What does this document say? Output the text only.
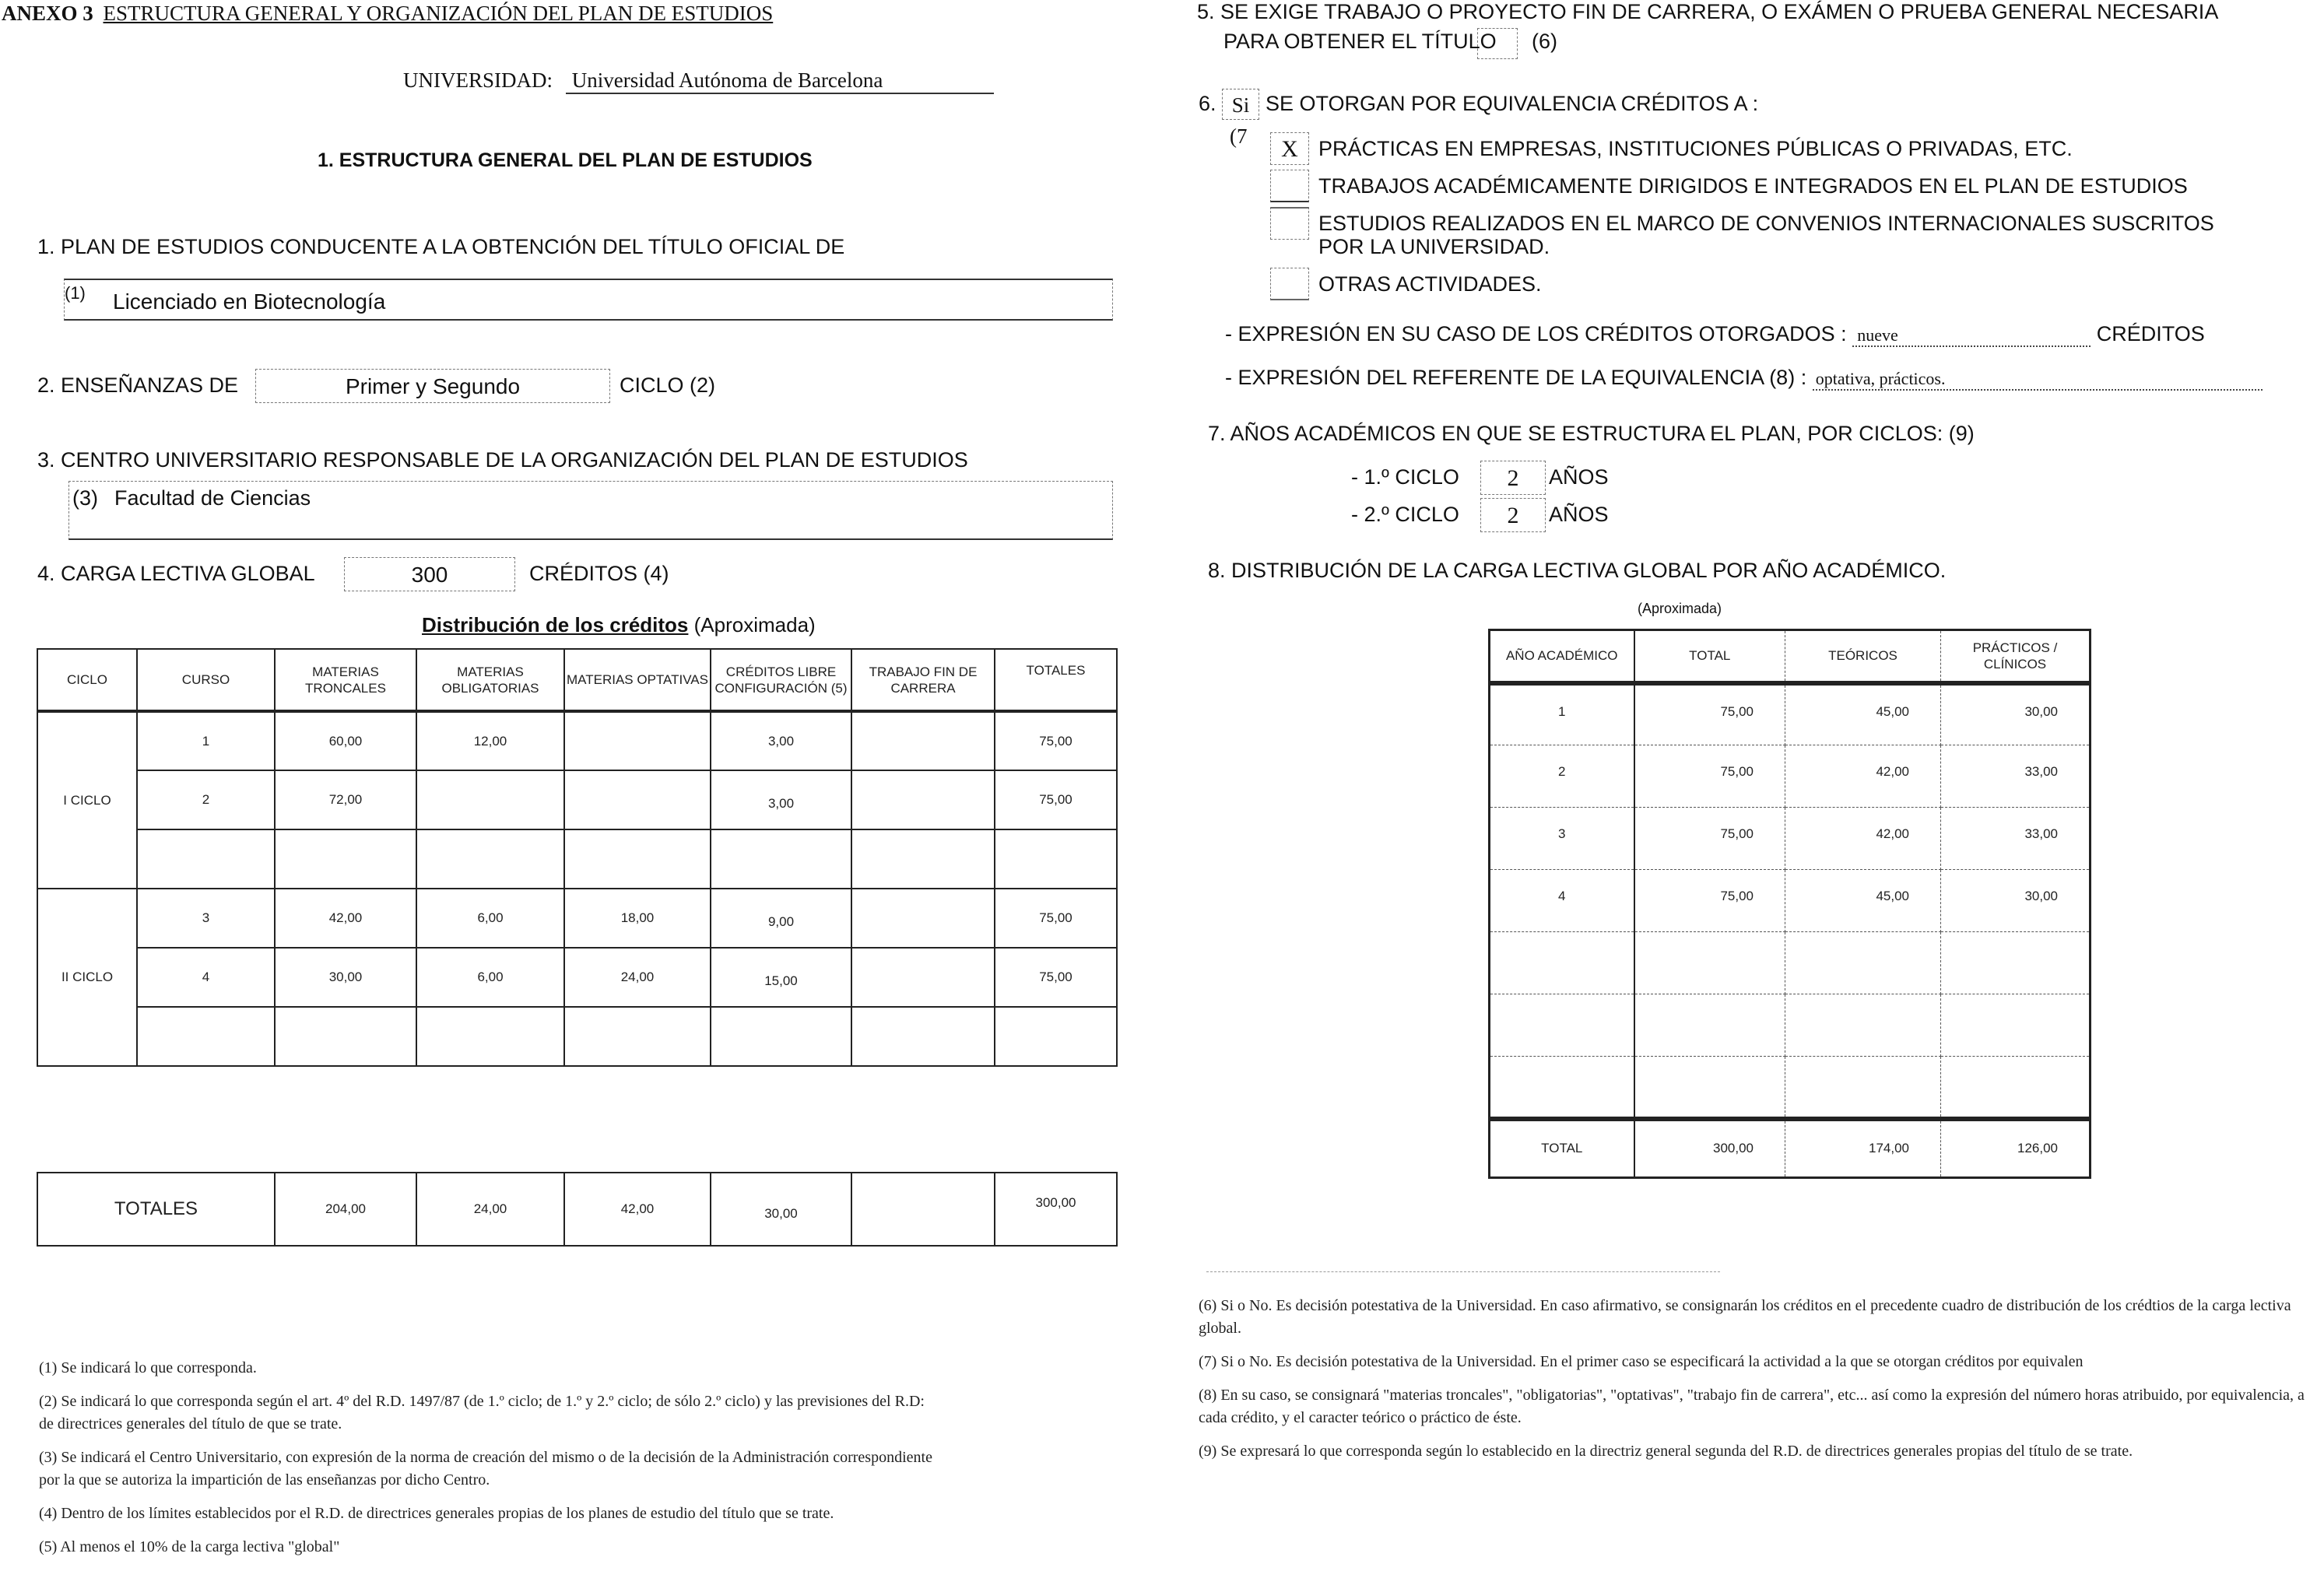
ANEXO 3 ESTRUCTURA GENERAL Y ORGANIZACIÓN DEL PLAN DE ESTUDIOS
UNIVERSIDAD: Universidad Autónoma de Barcelona
1. ESTRUCTURA GENERAL DEL PLAN DE ESTUDIOS
1. PLAN DE ESTUDIOS CONDUCENTE A LA OBTENCIÓN DEL TÍTULO OFICIAL DE
(1) Licenciado en Biotecnología
2. ENSEÑANZAS DE	Primer y Segundo	CICLO (2)
3. CENTRO UNIVERSITARIO RESPONSABLE DE LA ORGANIZACIÓN DEL PLAN DE ESTUDIOS
(3) Facultad de Ciencias
4. CARGA LECTIVA GLOBAL	300	CRÉDITOS (4)
Distribución de los créditos (Aproximada)
CICLO	CURSO	MATERIAS TRONCALES	MATERIAS OBLIGATORIAS	MATERIAS OPTATIVAS	CRÉDITOS LIBRE CONFIGURACIÓN (5)	TRABAJO FIN DE CARRERA	TOTALES
I CICLO	1	60,00	12,00		3,00		75,00
	2	72,00			3,00		75,00

II CICLO	3	42,00	6,00	18,00	9,00		75,00
	4	30,00	6,00	24,00	15,00		75,00

TOTALES	204,00	24,00	42,00	30,00		300,00

(1) Se indicará lo que corresponda.

(2) Se indicará lo que corresponda según el art. 4º del R.D. 1497/87 (de 1.º ciclo; de 1.º y 2.º ciclo; de sólo 2.º ciclo) y las previsiones del R.D: de directrices generales del título de que se trate.

(3) Se indicará el Centro Universitario, con expresión de la norma de creación del mismo o de la decisión de la Administración correspondiente por la que se autoriza la impartición de las enseñanzas por dicho Centro.

(4) Dentro de los límites establecidos por el R.D. de directrices generales propias de los planes de estudio del título que se trate.

(5) Al menos el 10% de la carga lectiva "global"

5. SE EXIGE TRABAJO O PROYECTO FIN DE CARRERA, O EXÁMEN O PRUEBA GENERAL NECESARIA
PARA OBTENER EL TÍTULO (6)
6. Si SE OTORGAN POR EQUIVALENCIA CRÉDITOS A :
(7	X PRÁCTICAS EN EMPRESAS, INSTITUCIONES PÚBLICAS O PRIVADAS, ETC.
TRABAJOS ACADÉMICAMENTE DIRIGIDOS E INTEGRADOS EN EL PLAN DE ESTUDIOS
ESTUDIOS REALIZADOS EN EL MARCO DE CONVENIOS INTERNACIONALES SUSCRITOS
POR LA UNIVERSIDAD.
OTRAS ACTIVIDADES.
- EXPRESIÓN EN SU CASO DE LOS CRÉDITOS OTORGADOS : nueve	CRÉDITOS
- EXPRESIÓN DEL REFERENTE DE LA EQUIVALENCIA (8) : optativa, prácticos.
7. AÑOS ACADÉMICOS EN QUE SE ESTRUCTURA EL PLAN, POR CICLOS: (9)
- 1.º CICLO	2	AÑOS
- 2.º CICLO	2	AÑOS
8. DISTRIBUCIÓN DE LA CARGA LECTIVA GLOBAL POR AÑO ACADÉMICO.
(Aproximada)
AÑO ACADÉMICO	TOTAL	TEÓRICOS	PRÁCTICOS / CLÍNICOS
1	75,00	45,00	30,00
2	75,00	42,00	33,00
3	75,00	42,00	33,00
4	75,00	45,00	30,00

TOTAL	300,00	174,00	126,00

(6) Si o No. Es decisión potestativa de la Universidad. En caso afirmativo, se consignarán los créditos en el precedente cuadro de distribución de los crédtios de la carga lectiva global.

(7) Si o No. Es decisión potestativa de la Universidad. En el primer caso se especificará la actividad a la que se otorgan créditos por equivalen

(8) En su caso, se consignará "materias troncales", "obligatorias", "optativas", "trabajo fin de carrera", etc... así como la expresión del número horas atribuido, por equivalencia, a cada crédito, y el caracter teórico o práctico de éste.

(9) Se expresará lo que corresponda según lo establecido en la directriz general segunda del R.D. de directrices generales propias del título de se trate.
